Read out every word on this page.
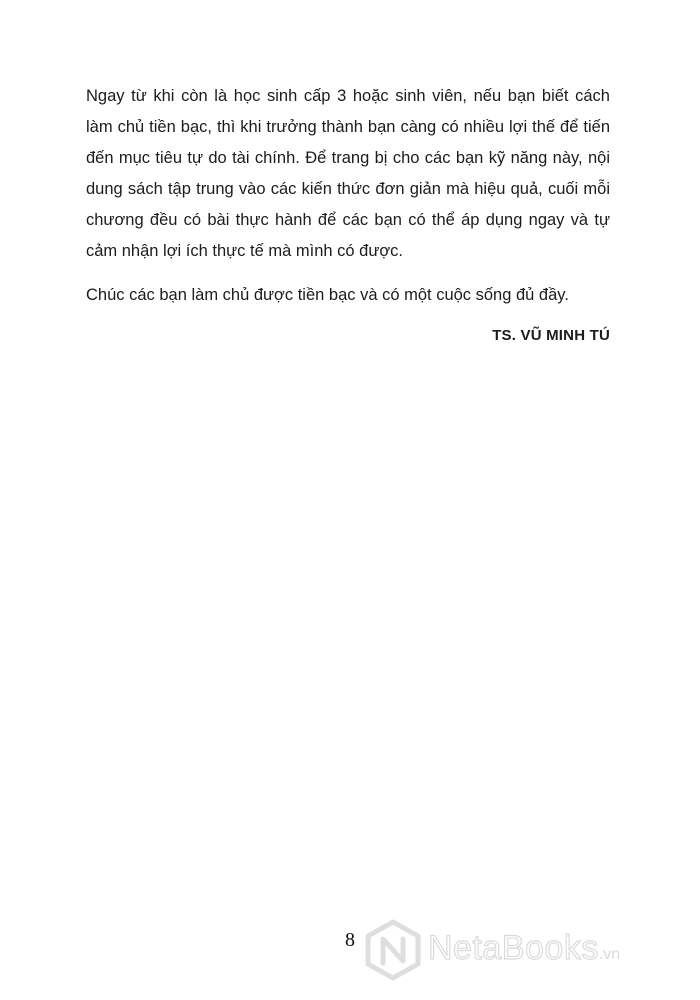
Ngay từ khi còn là học sinh cấp 3 hoặc sinh viên, nếu bạn biết cách làm chủ tiền bạc, thì khi trưởng thành bạn càng có nhiều lợi thế để tiến đến mục tiêu tự do tài chính. Để trang bị cho các bạn kỹ năng này, nội dung sách tập trung vào các kiến thức đơn giản mà hiệu quả, cuối mỗi chương đều có bài thực hành để các bạn có thể áp dụng ngay và tự cảm nhận lợi ích thực tế mà mình có được.

Chúc các bạn làm chủ được tiền bạc và có một cuộc sống đủ đầy.

TS. VŨ MINH TÚ
8	NetaBooks.vn
